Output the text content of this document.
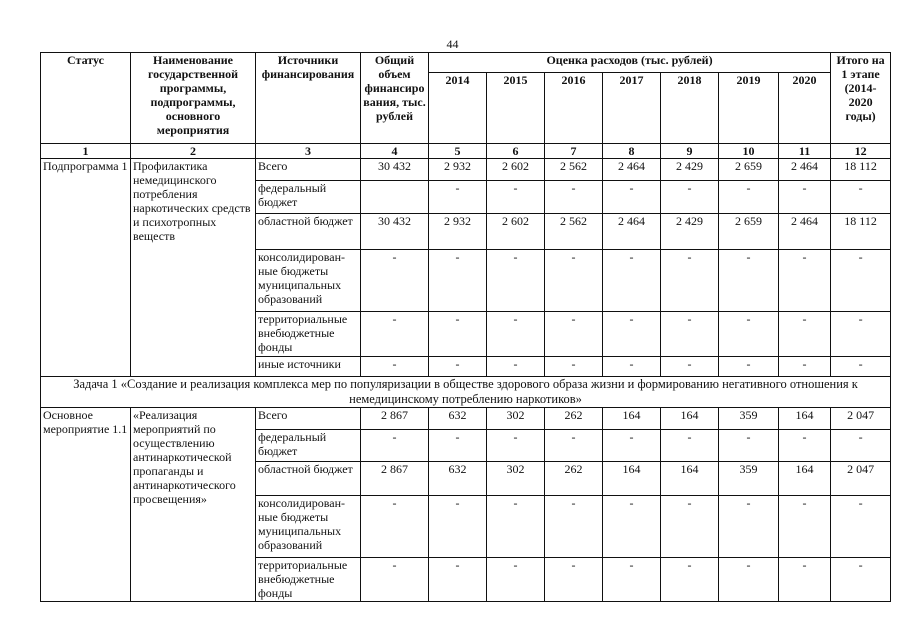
44
Статус	Наименование государственной программы, подпрограммы, основного мероприятия	Источники финансирования	Общий объем финансиро вания, тыс. рублей	Оценка расходов (тыс. рублей)							Итого на 1 этапе (2014-2020 годы)
				2014	2015	2016	2017	2018	2019	2020	
1	2	3	4	5	6	7	8	9	10	11	12
Подпрограмма 1	Профилактика немедицинского потребления наркотических средств и психотропных веществ	Всего	30 432	2 932	2 602	2 562	2 464	2 429	2 659	2 464	18 112
		федеральный бюджет		-	-	-	-	-	-	-	-
		областной бюджет	30 432	2 932	2 602	2 562	2 464	2 429	2 659	2 464	18 112
		консолидирован-ные бюджеты муниципальных образований	-	-	-	-	-	-	-	-	-
		территориальные внебюджетные фонды	-	-	-	-	-	-	-	-	-
		иные источники	-	-	-	-	-	-	-	-	-
Задача 1 «Создание и реализация комплекса мер по популяризации в обществе здорового образа жизни и формированию негативного отношения к немедицинскому потреблению наркотиков»											
Основное мероприятие 1.1	«Реализация мероприятий по осуществлению антинаркотической пропаганды и антинаркотического просвещения»	Всего	2 867	632	302	262	164	164	359	164	2 047
		федеральный бюджет	-	-	-	-	-	-	-	-	-
		областной бюджет	2 867	632	302	262	164	164	359	164	2 047
		консолидирован-ные бюджеты муниципальных образований	-	-	-	-	-	-	-	-	-
		территориальные внебюджетные фонды	-	-	-	-	-	-	-	-	-
